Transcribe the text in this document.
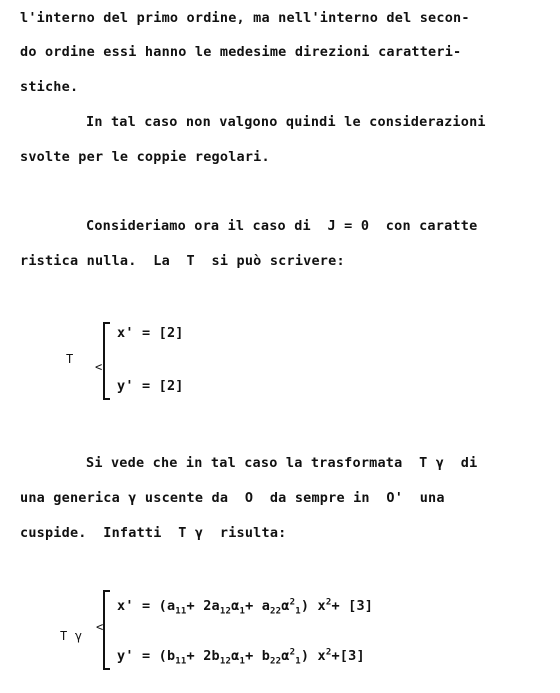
l'interno del primo ordine, ma nell'interno del secon-
do ordine essi hanno le medesime direzioni caratteri-
stiche.
In tal caso non valgono quindi le considerazioni
svolte per le coppie regolari.
Consideriamo ora il caso di  J = 0  con caratte
ristica nulla.  La  T  si può scrivere:
T
<
x' = [2]
y' = [2]
Si vede che in tal caso la trasformata  T γ  di
una generica γ uscente da  O  da sempre in  O'  una
cuspide.  Infatti  T γ  risulta:
T γ
<
$x' = (a_{11}+ 2a_{12}\alpha_1+ a_{22}\alpha^2_1)$ $x^2+ [3]$
$y' = (b_{11}+ 2b_{12}\alpha_1+ b_{22}\alpha^2_1)$ $x^2+[3]$
